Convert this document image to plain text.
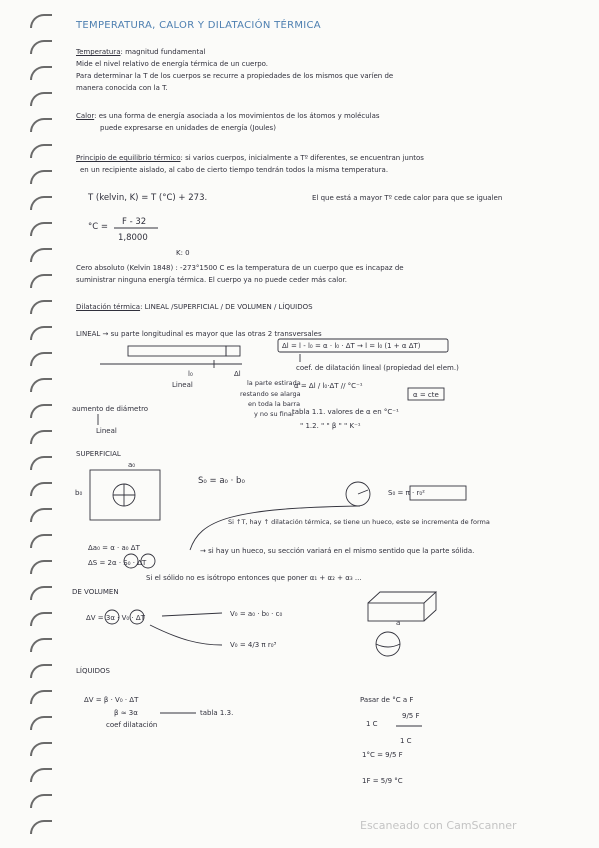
TEMPERATURA, CALOR Y DILATACIÓN TÉRMICA
Temperatura: magnitud fundamental
Mide el nivel relativo de energía térmica de un cuerpo.
Para determinar la T de los cuerpos se recurre a propiedades de los mismos que varíen de
manera conocida con la T.
Calor: es una forma de energía asociada a los movimientos de los átomos y moléculas
puede expresarse en unidades de energía (Joules)
Principio de equilibrio térmico: si varios cuerpos, inicialmente a Tº diferentes, se encuentran juntos
en un recipiente aislado, al cabo de cierto tiempo tendrán todos la misma temperatura.
T (kelvin, K) = T (°C) + 273.	El que está a mayor Tº cede calor para que se igualen
°C = F - 32
1,8000
K: 0
Cero absoluto (Kelvin 1848) : -273°1500 C es la temperatura de un cuerpo que es incapaz de
suministrar ninguna energía térmica. El cuerpo ya no puede ceder más calor.
Dilatación térmica: LINEAL /SUPERFICIAL / DE VOLUMEN / LÍQUIDOS
LINEAL → su parte longitudinal es mayor que las otras 2 transversales
Δl = l - l₀ = α · l₀ · ΔT → l = l₀ (1 + α ΔT)
coef. de dilatación lineal (propiedad del elem.)
α = Δl / l₀·ΔT // °C⁻¹
α = cte
tabla 1.1. valores de α en °C⁻¹
" 1.2. " " β " " K⁻¹
l₀	Δl
Lineal	la parte estirada
restando se alarga
en toda la barra
y no su final
aumento de diámetro
Lineal
SUPERFICIAL
a₀
b₀
S₀ = a₀ · b₀
S₀ = π · r₀²
Si ↑T, hay ↑ dilatación térmica, se tiene un hueco, este se incrementa de forma
Δa₀ = α · a₀ ΔT
ΔS = 2α · S₀ · ΔT
→ si hay un hueco, su sección variará en el mismo sentido que la parte sólida.
Si el sólido no es isótropo entonces que poner α₁ + α₂ + α₃ ...
DE VOLUMEN
ΔV = 3α · V₀ · ΔT	V₀ = a₀ · b₀ · c₀
a
V₀ = 4/3 π r₀³
LÍQUIDOS
ΔV = β · V₀ · ΔT
β ≈ 3α	tabla 1.3.
coef dilatación
Pasar de °C a F
1 C
9/5 F
1 C
1°C = 9/5 F
1F = 5/9 °C
Escaneado con CamScanner
